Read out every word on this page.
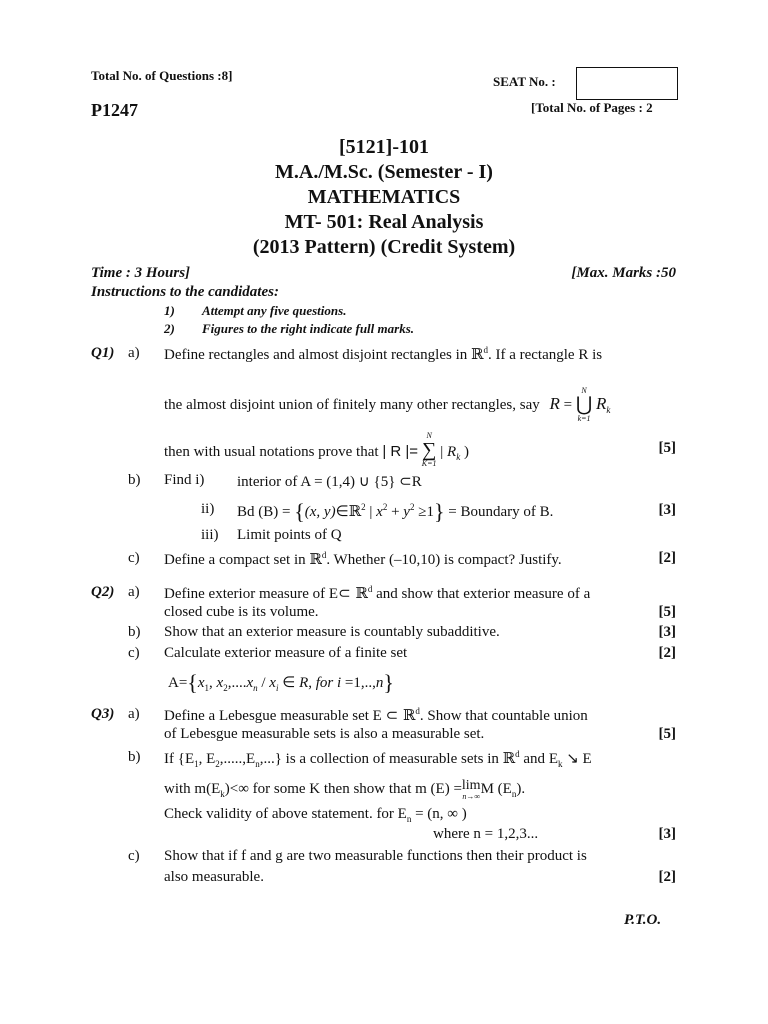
Total No. of Questions :8]	SEAT No. :
P1247	[Total No. of Pages : 2
[5121]-101
M.A./M.Sc. (Semester - I)
MATHEMATICS
MT- 501: Real Analysis
(2013 Pattern) (Credit System)
Time : 3 Hours]	[Max. Marks :50
Instructions to the candidates:
1) Attempt any five questions.
2) Figures to the right indicate full marks.
Q1) a) Define rectangles and almost disjoint rectangles in ℝ$^d$. If a rectangle R is
the almost disjoint union of finitely many other rectangles, say R =
N
⋃
k=1
$R_k$
then with usual notations prove that | R |=
N
∑
K=1
| $R_k$ )	[5]
b) Find i) interior of A = (1,4) ∪ {5} ⊂R
ii) Bd (B) = {(x, y)∈ℝ$^2$ | $x^2 + y^2 \ge 1$} = Boundary of B.	[3]
iii) Limit points of Q
c) Define a compact set in ℝ$^d$. Whether (–10,10) is compact? Justify.	[2]
Q2) a) Define exterior measure of E⊂ ℝ$^d$ and show that exterior measure of a
closed cube is its volume.	[5]
b) Show that an exterior measure is countably subadditive.	[3]
c) Calculate exterior measure of a finite set	[2]
$A=\{x_1$, $x_2,....x_n / x_i$ ∈ R, for i =1,..,n}
Q3) a) Define a Lebesgue measurable set E ⊂ ℝ$^d$. Show that countable union
of Lebesgue measurable sets is also a measurable set.	[5]
b) If {$E_1$, $E_2,.....,E_n$,...} is a collection of measurable sets in ℝ$^d$ and $E_k$ ↘ E
with $m(E_k)<\infty$ for some K then show that m (E) =lim
n→∞ M $(E_n)$.
Check validity of above statement. for $E_n = (n$, ∞ )
where n = 1,2,3...	[3]
c) Show that if f and g are two measurable functions then their product is
also measurable.	[2]
P.T.O.
